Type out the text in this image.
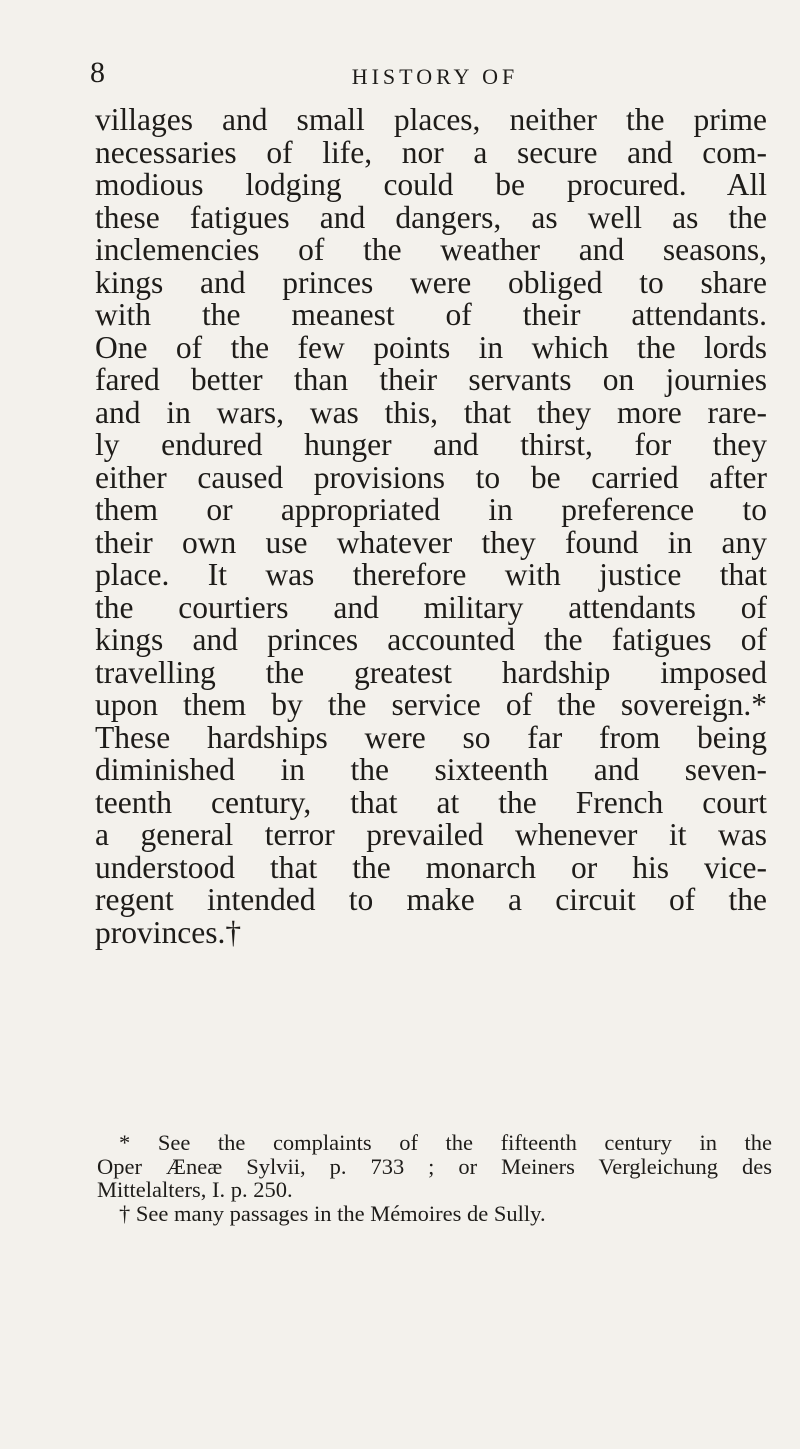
8	HISTORY OF
villages and small places, neither the prime
necessaries of life, nor a secure and com-
modious lodging could be procured. All
these fatigues and dangers, as well as the
inclemencies of the weather and seasons,
kings and princes were obliged to share
with the meanest of their attendants.
One of the few points in which the lords
fared better than their servants on journies
and in wars, was this, that they more rare-
ly endured hunger and thirst, for they
either caused provisions to be carried after
them or appropriated in preference to
their own use whatever they found in any
place. It was therefore with justice that
the courtiers and military attendants of
kings and princes accounted the fatigues of
travelling the greatest hardship imposed
upon them by the service of the sovereign.*
These hardships were so far from being
diminished in the sixteenth and seven-
teenth century, that at the French court
a general terror prevailed whenever it was
understood that the monarch or his vice-
regent intended to make a circuit of the
provinces.†
* See the complaints of the fifteenth century in the
Oper Æneæ Sylvii, p. 733 ; or Meiners Vergleichung des
Mittelalters, I. p. 250.
† See many passages in the Mémoires de Sully.
